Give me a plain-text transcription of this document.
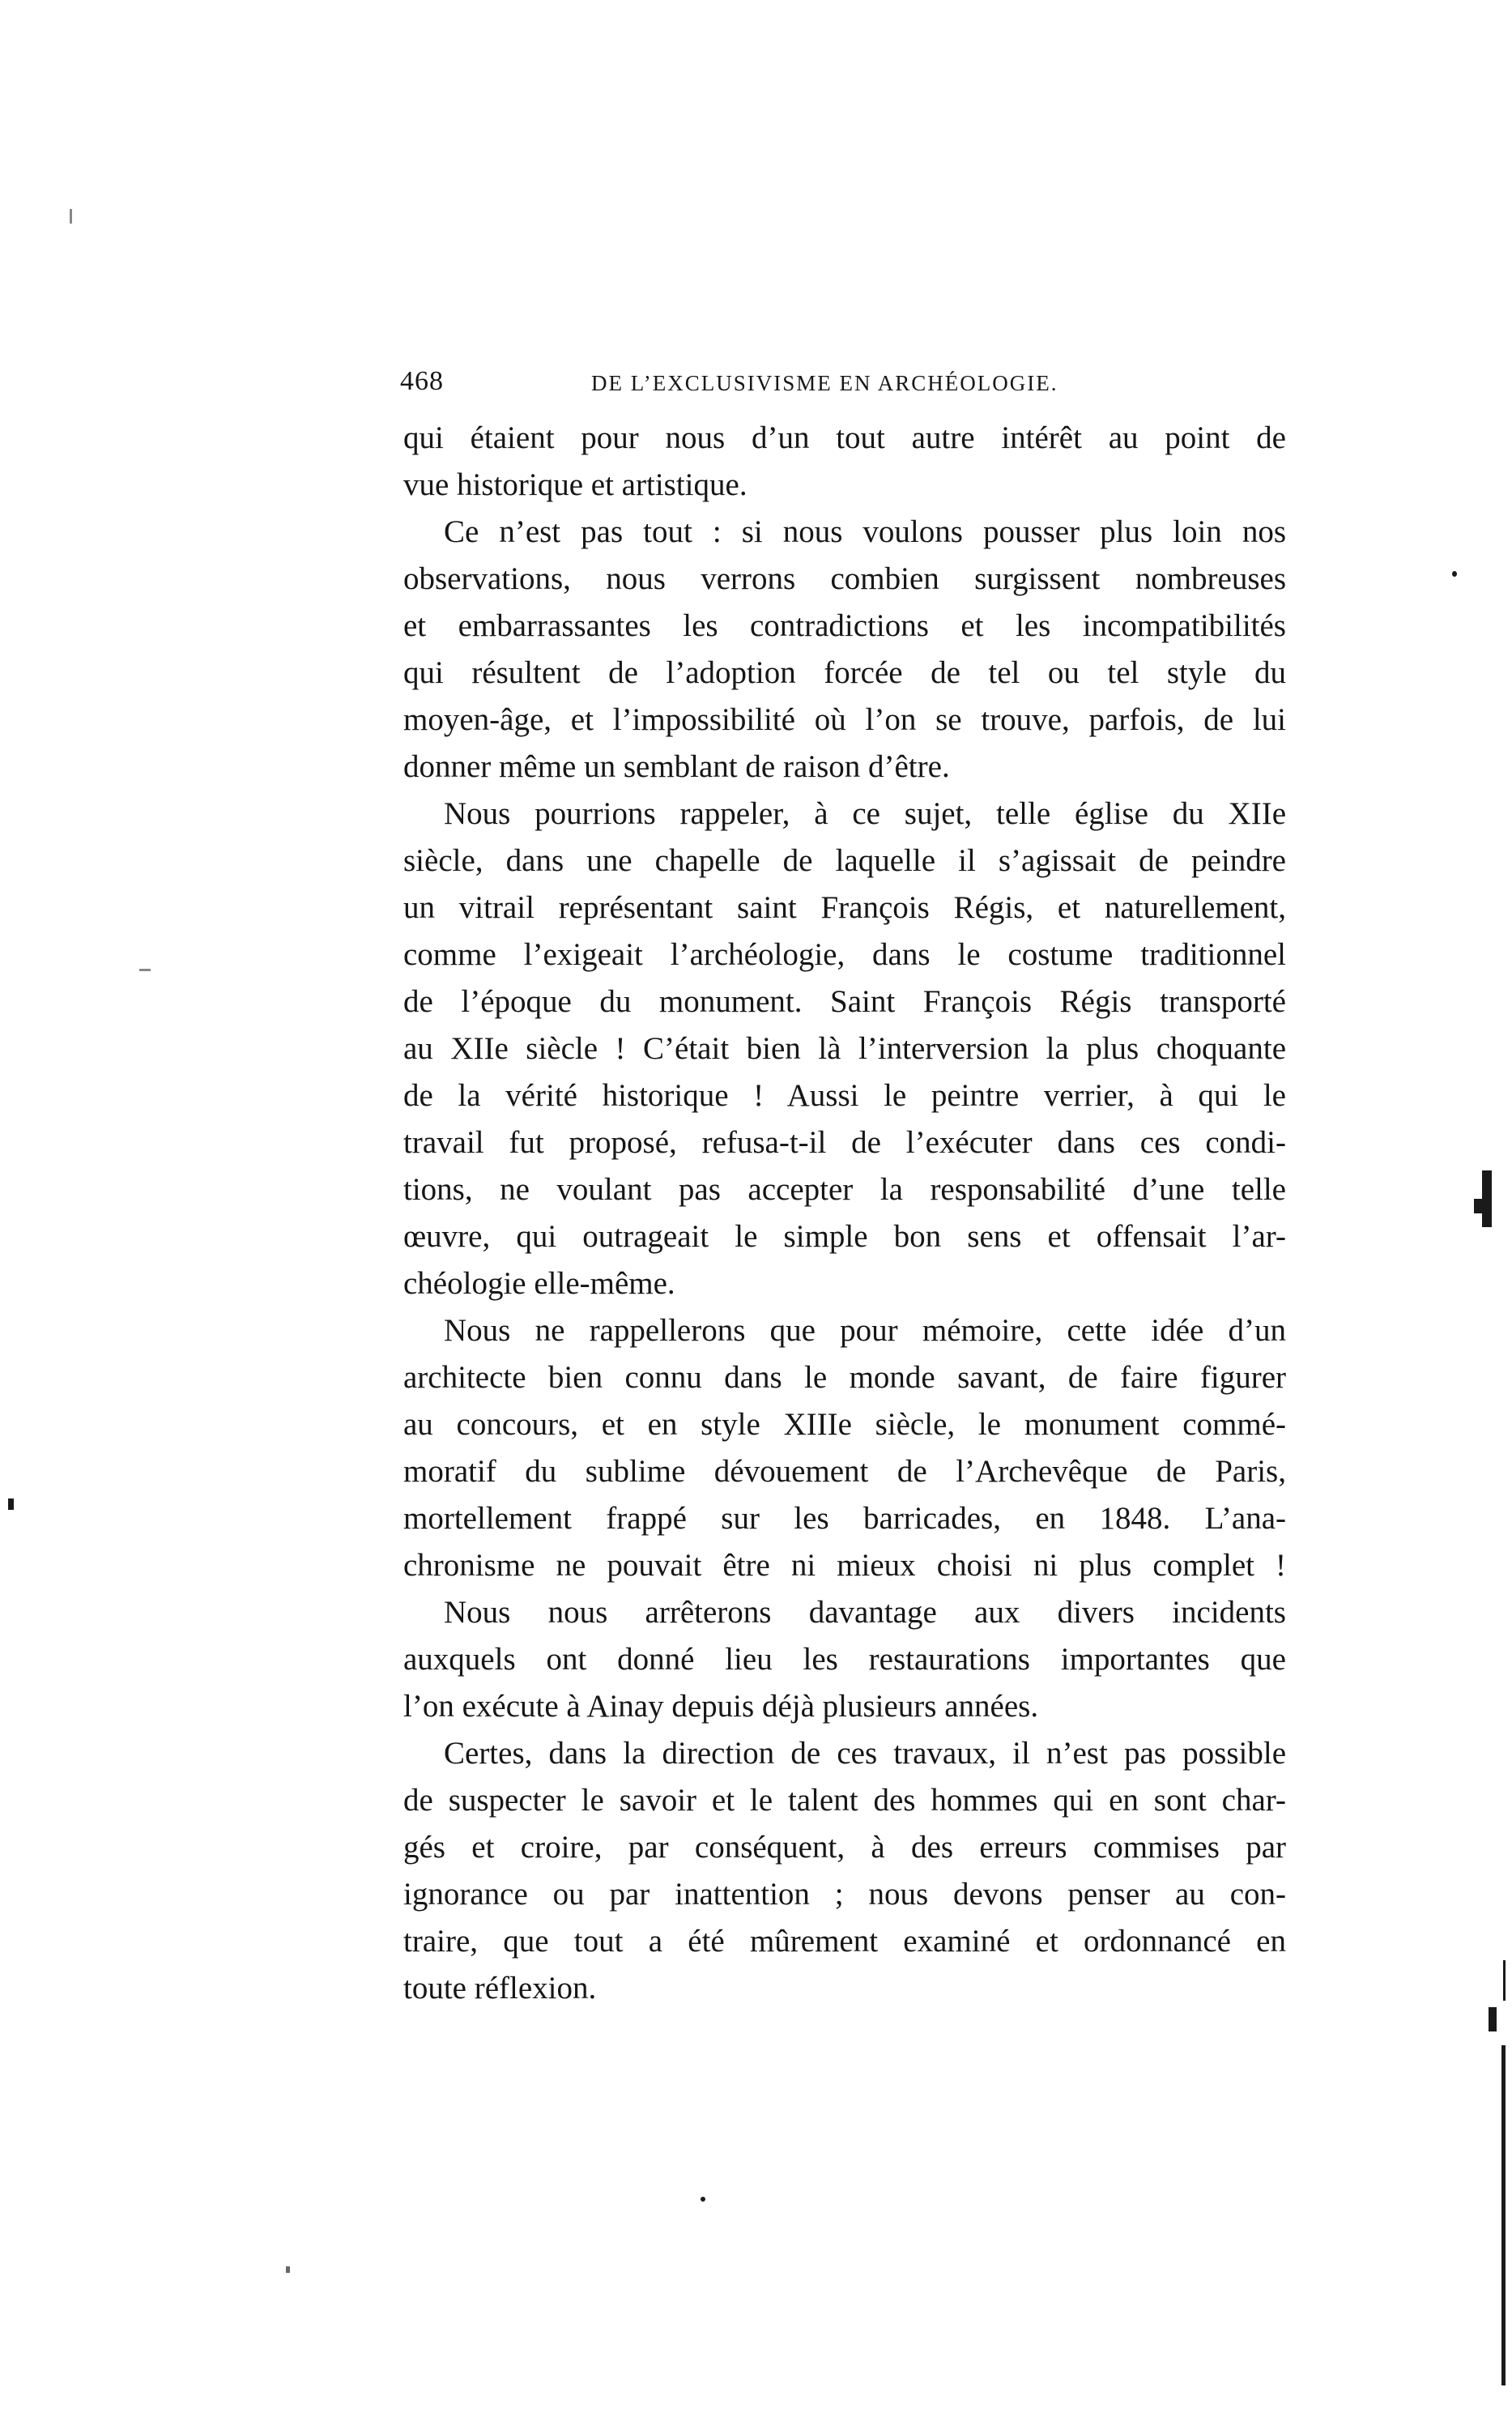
468	DE L’EXCLUSIVISME EN ARCHÉOLOGIE.
qui étaient pour nous d’un tout autre intérêt au point de
vue historique et artistique.
Ce n’est pas tout : si nous voulons pousser plus loin nos
observations, nous verrons combien surgissent nombreuses
et embarrassantes les contradictions et les incompatibilités
qui résultent de l’adoption forcée de tel ou tel style du
moyen-âge, et l’impossibilité où l’on se trouve, parfois, de lui
donner même un semblant de raison d’être.
Nous pourrions rappeler, à ce sujet, telle église du XIIe
siècle, dans une chapelle de laquelle il s’agissait de peindre
un vitrail représentant saint François Régis, et naturellement,
comme l’exigeait l’archéologie, dans le costume traditionnel
de l’époque du monument. Saint François Régis transporté
au XIIe siècle ! C’était bien là l’interversion la plus choquante
de la vérité historique ! Aussi le peintre verrier, à qui le
travail fut proposé, refusa-t-il de l’exécuter dans ces condi-
tions, ne voulant pas accepter la responsabilité d’une telle
œuvre, qui outrageait le simple bon sens et offensait l’ar-
chéologie elle-même.
Nous ne rappellerons que pour mémoire, cette idée d’un
architecte bien connu dans le monde savant, de faire figurer
au concours, et en style XIIIe siècle, le monument commé-
moratif du sublime dévouement de l’Archevêque de Paris,
mortellement frappé sur les barricades, en 1848. L’ana-
chronisme ne pouvait être ni mieux choisi ni plus complet !
Nous nous arrêterons davantage aux divers incidents
auxquels ont donné lieu les restaurations importantes que
l’on exécute à Ainay depuis déjà plusieurs années.
Certes, dans la direction de ces travaux, il n’est pas possible
de suspecter le savoir et le talent des hommes qui en sont char-
gés et croire, par conséquent, à des erreurs commises par
ignorance ou par inattention ; nous devons penser au con-
traire, que tout a été mûrement examiné et ordonnancé en
toute réflexion.
